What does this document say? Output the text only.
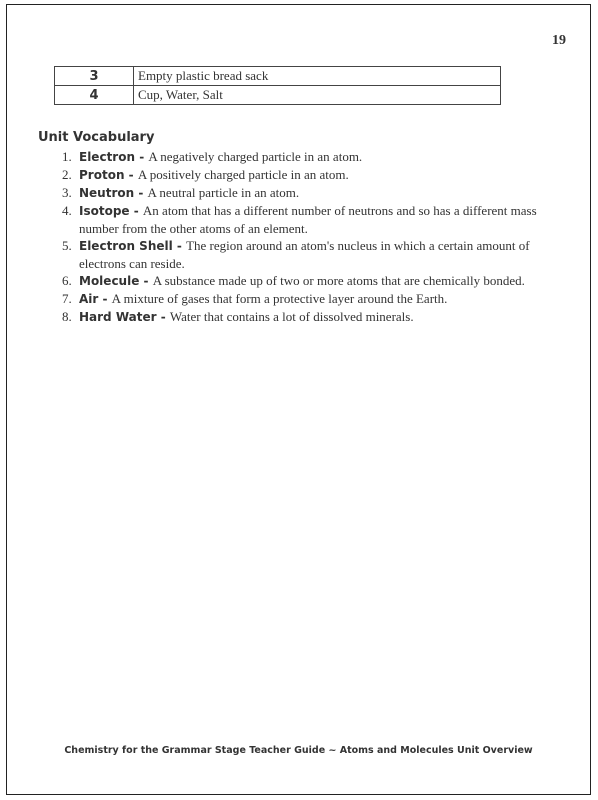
19
3	Empty plastic bread sack
4	Cup, Water, Salt
Unit Vocabulary
1. Electron - A negatively charged particle in an atom.
2. Proton - A positively charged particle in an atom.
3. Neutron - A neutral particle in an atom.
4. Isotope - An atom that has a different number of neutrons and so has a different mass number from the other atoms of an element.
5. Electron Shell - The region around an atom's nucleus in which a certain amount of electrons can reside.
6. Molecule - A substance made up of two or more atoms that are chemically bonded.
7. Air - A mixture of gases that form a protective layer around the Earth.
8. Hard Water - Water that contains a lot of dissolved minerals.
Chemistry for the Grammar Stage Teacher Guide ~ Atoms and Molecules Unit Overview
